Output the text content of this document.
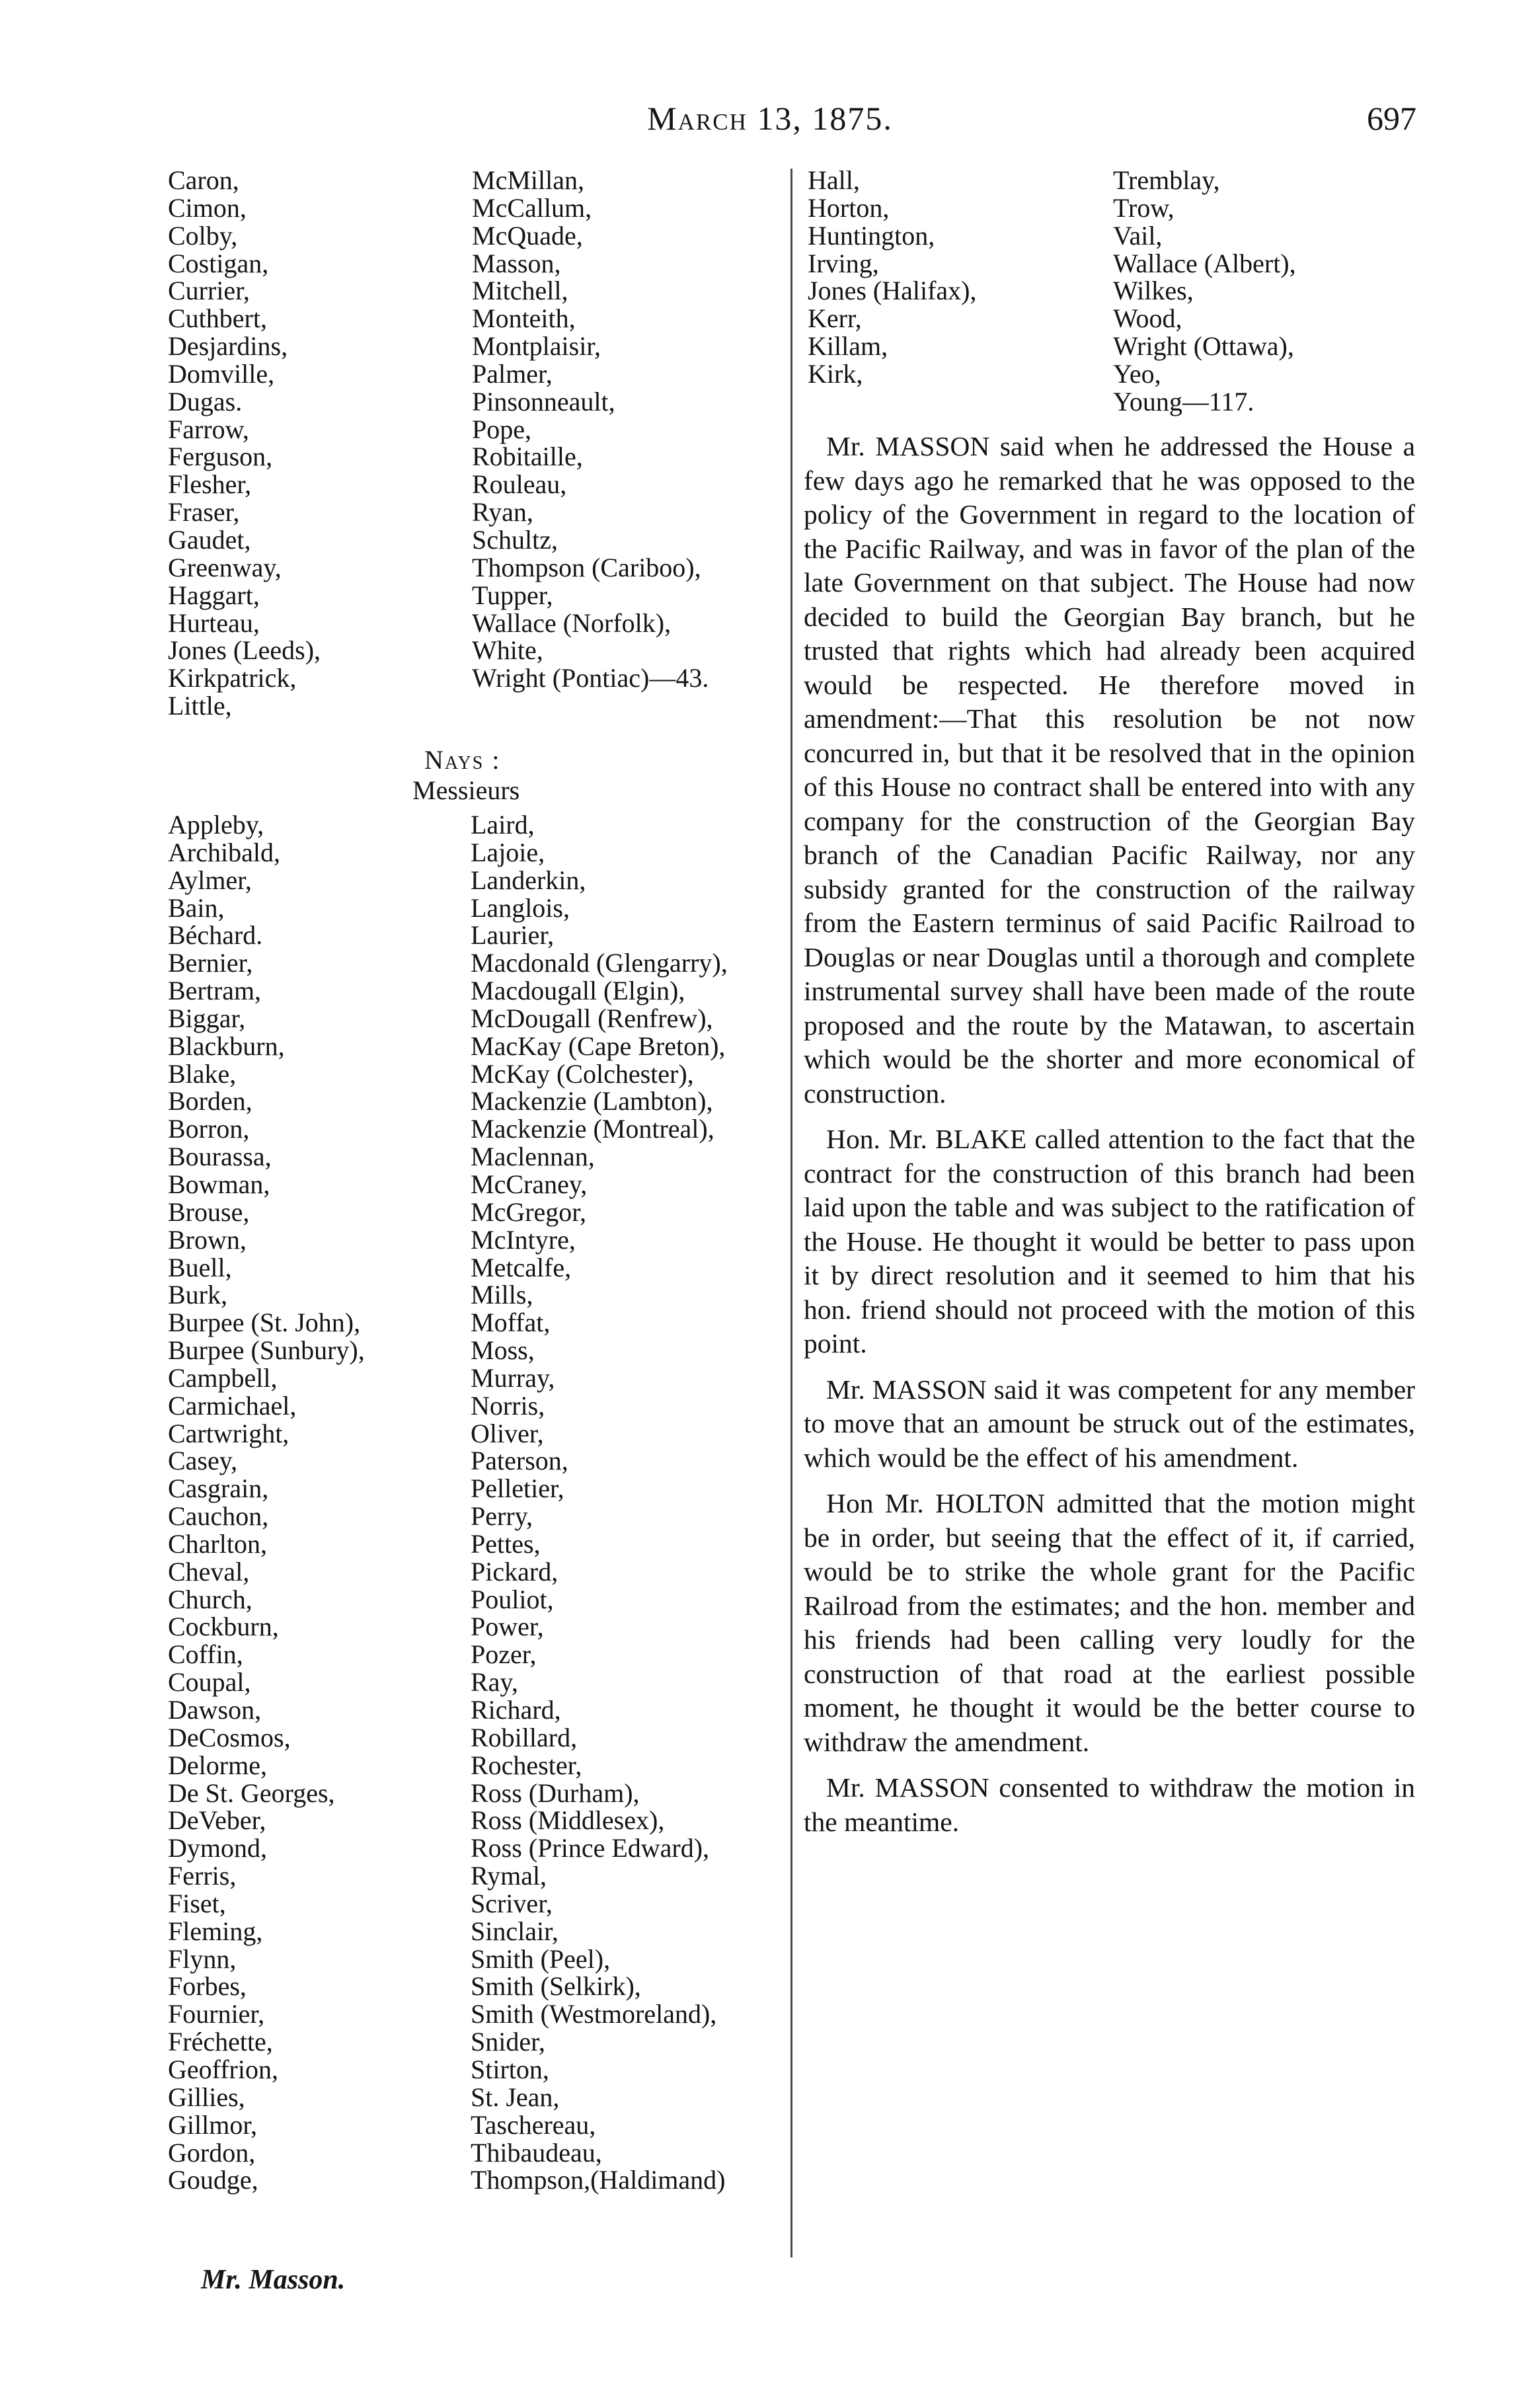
March 13, 1875.	697
Caron,
Cimon,
Colby,
Costigan,
Currier,
Cuthbert,
Desjardins,
Domville,
Dugas.
Farrow,
Ferguson,
Flesher,
Fraser,
Gaudet,
Greenway,
Haggart,
Hurteau,
Jones (Leeds),
Kirkpatrick,
Little,
McMillan,
McCallum,
McQuade,
Masson,
Mitchell,
Monteith,
Montplaisir,
Palmer,
Pinsonneault,
Pope,
Robitaille,
Rouleau,
Ryan,
Schultz,
Thompson (Cariboo),
Tupper,
Wallace (Norfolk),
White,
Wright (Pontiac)—43.
Nays :
Messieurs
Appleby,
Archibald,
Aylmer,
Bain,
Béchard.
Bernier,
Bertram,
Biggar,
Blackburn,
Blake,
Borden,
Borron,
Bourassa,
Bowman,
Brouse,
Brown,
Buell,
Burk,
Burpee (St. John),
Burpee (Sunbury),
Campbell,
Carmichael,
Cartwright,
Casey,
Casgrain,
Cauchon,
Charlton,
Cheval,
Church,
Cockburn,
Coffin,
Coupal,
Dawson,
DeCosmos,
Delorme,
De St. Georges,
DeVeber,
Dymond,
Ferris,
Fiset,
Fleming,
Flynn,
Forbes,
Fournier,
Fréchette,
Geoffrion,
Gillies,
Gillmor,
Gordon,
Goudge,
Laird,
Lajoie,
Landerkin,
Langlois,
Laurier,
Macdonald (Glengarry),
Macdougall (Elgin),
McDougall (Renfrew),
MacKay (Cape Breton),
McKay (Colchester),
Mackenzie (Lambton),
Mackenzie (Montreal),
Maclennan,
McCraney,
McGregor,
McIntyre,
Metcalfe,
Mills,
Moffat,
Moss,
Murray,
Norris,
Oliver,
Paterson,
Pelletier,
Perry,
Pettes,
Pickard,
Pouliot,
Power,
Pozer,
Ray,
Richard,
Robillard,
Rochester,
Ross (Durham),
Ross (Middlesex),
Ross (Prince Edward),
Rymal,
Scriver,
Sinclair,
Smith (Peel),
Smith (Selkirk),
Smith (Westmoreland),
Snider,
Stirton,
St. Jean,
Taschereau,
Thibaudeau,
Thompson,(Haldimand)
Hall,
Horton,
Huntington,
Irving,
Jones (Halifax),
Kerr,
Killam,
Kirk,
Tremblay,
Trow,
Vail,
Wallace (Albert),
Wilkes,
Wood,
Wright (Ottawa),
Yeo,
Young—117.

Mr. MASSON said when he addressed the House a few days ago he remarked that he was opposed to the policy of the Government in regard to the location of the Pacific Railway, and was in favor of the plan of the late Government on that subject. The House had now decided to build the Georgian Bay branch, but he trusted that rights which had already been acquired would be respected. He therefore moved in amendment:—That this resolution be not now concurred in, but that it be resolved that in the opinion of this House no contract shall be entered into with any company for the construction of the Georgian Bay branch of the Canadian Pacific Railway, nor any subsidy granted for the construction of the railway from the Eastern terminus of said Pacific Railroad to Douglas or near Douglas until a thorough and complete instrumental survey shall have been made of the route proposed and the route by the Matawan, to ascertain which would be the shorter and more economical of construction.

Hon. Mr. BLAKE called attention to the fact that the contract for the construction of this branch had been laid upon the table and was subject to the ratification of the House. He thought it would be better to pass upon it by direct resolution and it seemed to him that his hon. friend should not proceed with the motion of this point.

Mr. MASSON said it was competent for any member to move that an amount be struck out of the estimates, which would be the effect of his amendment.

Hon Mr. HOLTON admitted that the motion might be in order, but seeing that the effect of it, if carried, would be to strike the whole grant for the Pacific Railroad from the estimates; and the hon. member and his friends had been calling very loudly for the construction of that road at the earliest possible moment, he thought it would be the better course to withdraw the amendment.

Mr. MASSON consented to withdraw the motion in the meantime.

Mr. Masson.
